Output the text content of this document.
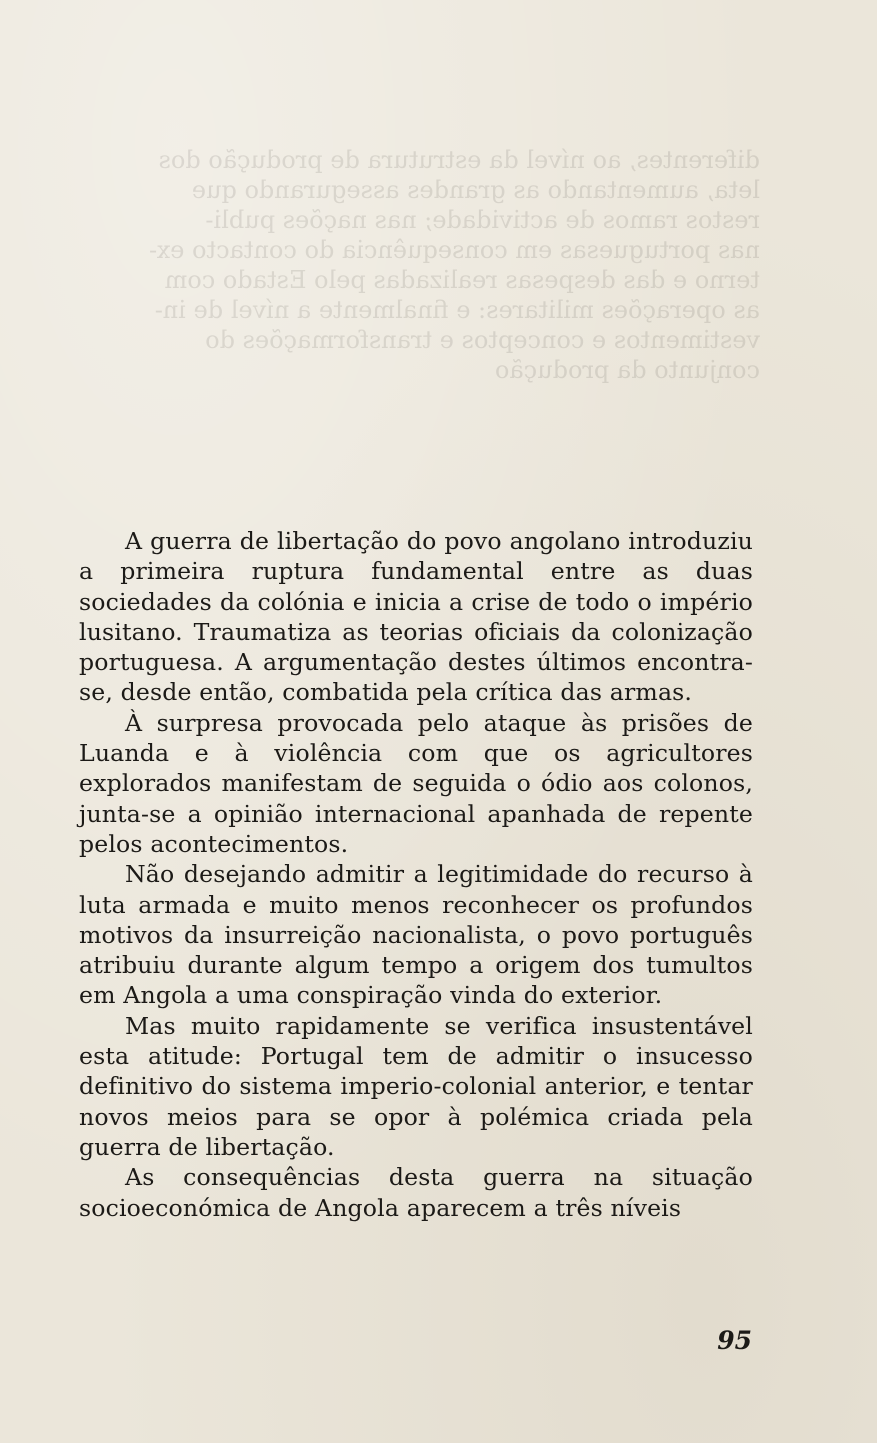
diferentes, ao nível da estrutura de produção dos
leta, aumentando as grandes assegurando que
restos ramos de actividade; nas nações publi-
nas portuguesas em consequência do contacto ex-
terno e das despesas realizadas pelo Estado com
as operações militares: e finalmente a nível de in-
vestimentos e conceptos e transformações do
conjunto da produção

A guerra de libertação do povo angolano introduziu a primeira ruptura fundamental entre as duas sociedades da colónia e inicia a crise de todo o império lusitano. Traumatiza as teorias oficiais da colonização portuguesa. A argumentação destes últimos encontra-se, desde então, combatida pela crítica das armas.

À surpresa provocada pelo ataque às prisões de Luanda e à violência com que os agricultores explorados manifestam de seguida o ódio aos colonos, junta-se a opinião internacional apanhada de repente pelos acontecimentos.

Não desejando admitir a legitimidade do recurso à luta armada e muito menos reconhecer os profundos motivos da insurreição nacionalista, o povo português atribuiu durante algum tempo a origem dos tumultos em Angola a uma conspiração vinda do exterior.

Mas muito rapidamente se verifica insustentável esta atitude: Portugal tem de admitir o insucesso definitivo do sistema imperio-colonial anterior, e tentar novos meios para se opor à polémica criada pela guerra de libertação.

As consequências desta guerra na situação socioeconómica de Angola aparecem a três níveis

95
